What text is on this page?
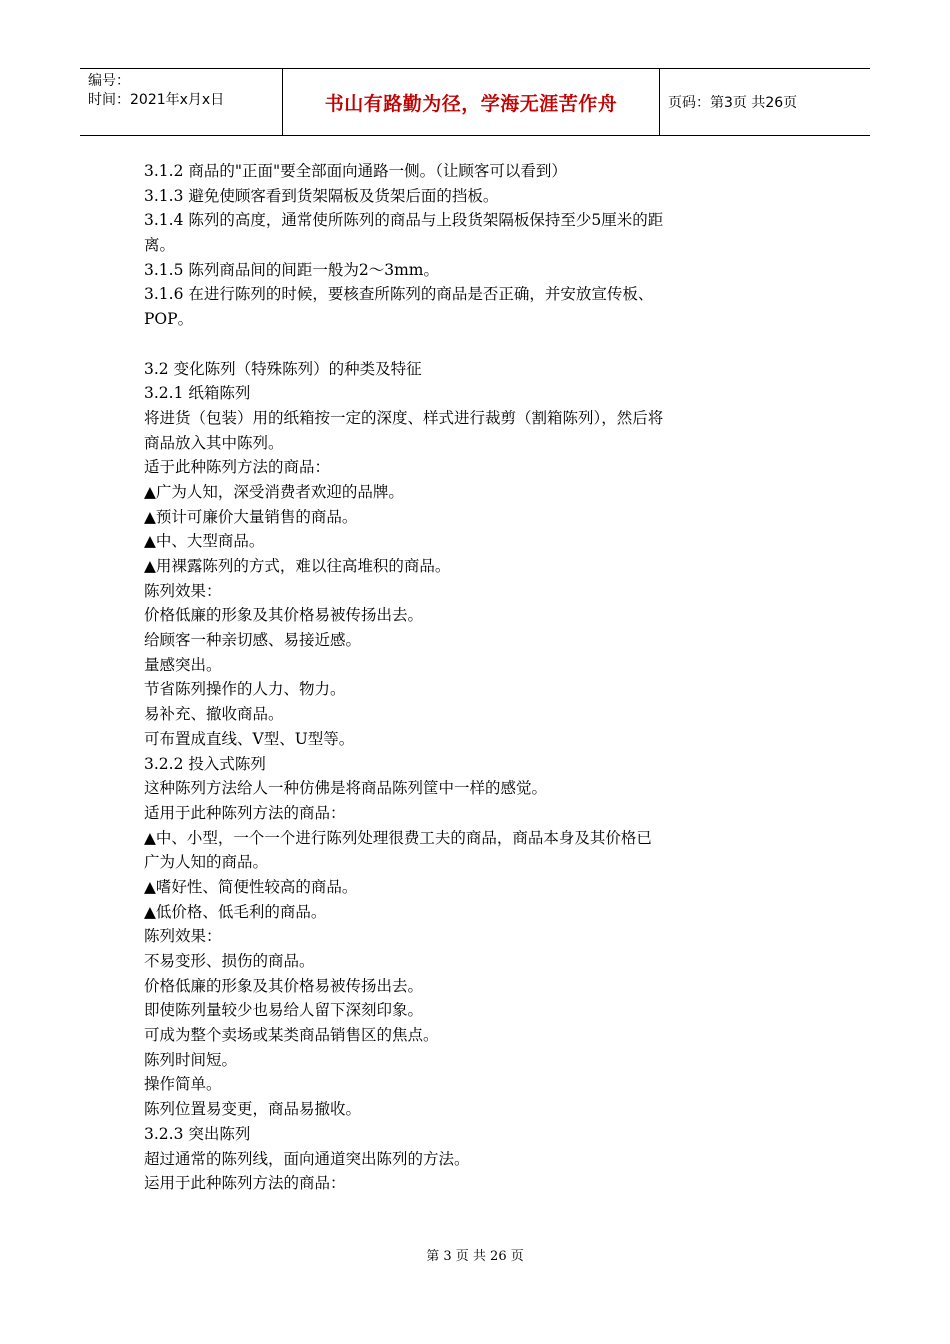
编号：
时间：2021年x月x日	书山有路勤为径，学海无涯苦作舟	页码：第3页 共26页
3.1.2 商品的"正面"要全部面向通路一侧。（让顾客可以看到）
3.1.3 避免使顾客看到货架隔板及货架后面的挡板。
3.1.4 陈列的高度，通常使所陈列的商品与上段货架隔板保持至少5厘米的距
离。
3.1.5 陈列商品间的间距一般为2～3mm。
3.1.6 在进行陈列的时候，要核查所陈列的商品是否正确，并安放宣传板、
POP。
3.2 变化陈列（特殊陈列）的种类及特征
3.2.1 纸箱陈列
将进货（包装）用的纸箱按一定的深度、样式进行裁剪（割箱陈列），然后将
商品放入其中陈列。
适于此种陈列方法的商品：
▲广为人知，深受消费者欢迎的品牌。
▲预计可廉价大量销售的商品。
▲中、大型商品。
▲用裸露陈列的方式，难以往高堆积的商品。
陈列效果：
价格低廉的形象及其价格易被传扬出去。
给顾客一种亲切感、易接近感。
量感突出。
节省陈列操作的人力、物力。
易补充、撤收商品。
可布置成直线、V型、U型等。
3.2.2 投入式陈列
这种陈列方法给人一种仿佛是将商品陈列筐中一样的感觉。
适用于此种陈列方法的商品：
▲中、小型，一个一个进行陈列处理很费工夫的商品，商品本身及其价格已
广为人知的商品。
▲嗜好性、简便性较高的商品。
▲低价格、低毛利的商品。
陈列效果：
不易变形、损伤的商品。
价格低廉的形象及其价格易被传扬出去。
即使陈列量较少也易给人留下深刻印象。
可成为整个卖场或某类商品销售区的焦点。
陈列时间短。
操作简单。
陈列位置易变更，商品易撤收。
3.2.3 突出陈列
超过通常的陈列线，面向通道突出陈列的方法。
运用于此种陈列方法的商品：
第 3 页 共 26 页
